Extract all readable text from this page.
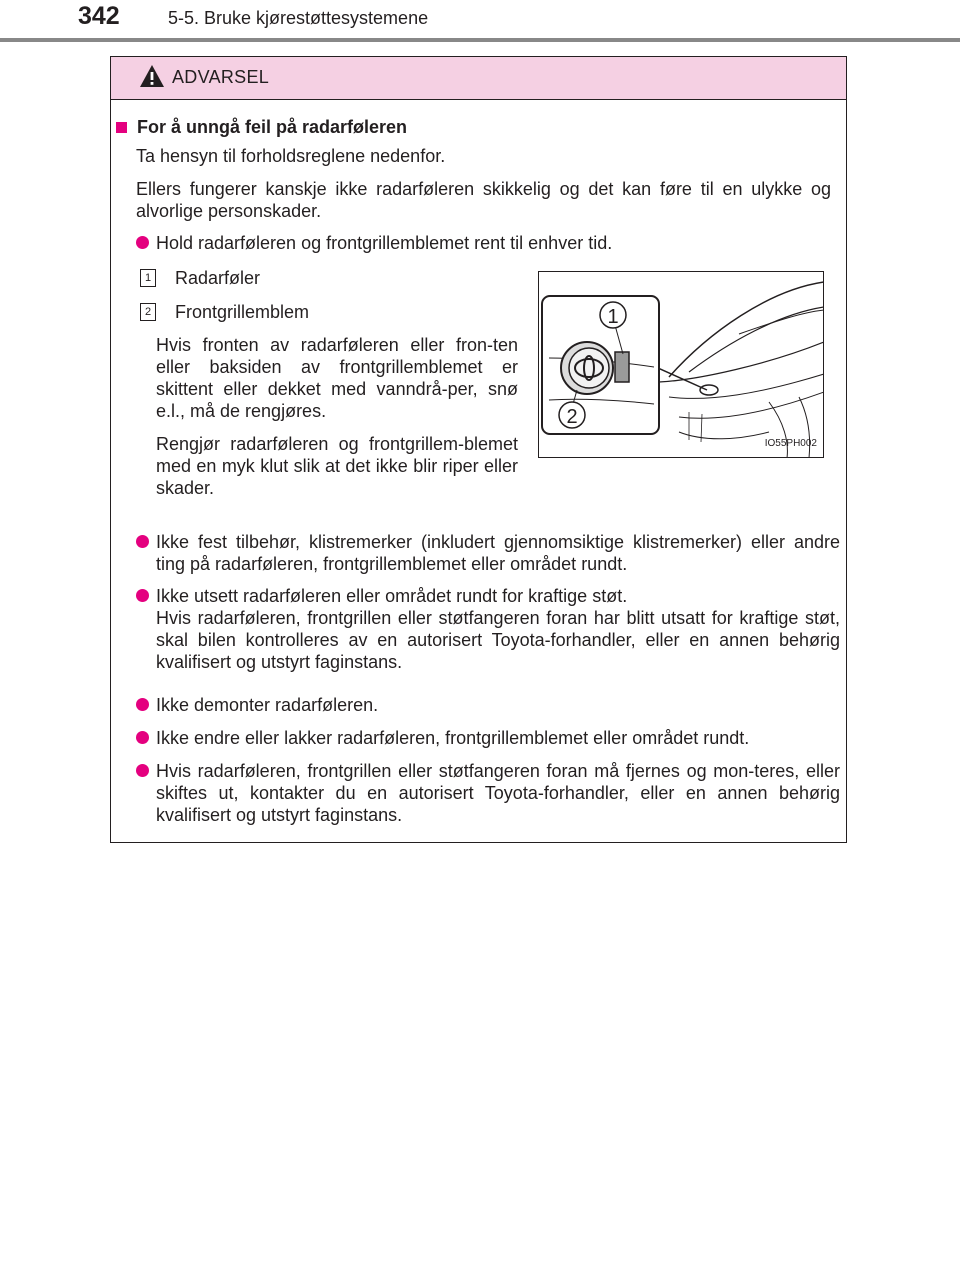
342	5-5. Bruke kjørestøttesystemene
ADVARSEL
For å unngå feil på radarføleren
Ta hensyn til forholdsreglene nedenfor.
Ellers fungerer kanskje ikke radarføleren skikkelig og det kan føre til en ulykke og alvorlige personskader.
Hold radarføleren og frontgrillemblemet rent til enhver tid.
1 Radarføler
2 Frontgrillemblem
Hvis fronten av radarføleren eller fron-ten eller baksiden av frontgrillemblemet er skittent eller dekket med vanndrå-per, snø e.l., må de rengjøres.
Rengjør radarføleren og frontgrillem-blemet med en myk klut slik at det ikke blir riper eller skader.
1
2
IO55PH002
Ikke fest tilbehør, klistremerker (inkludert gjennomsiktige klistremerker) eller andre ting på radarføleren, frontgrillemblemet eller området rundt.
Ikke utsett radarføleren eller området rundt for kraftige støt.
Hvis radarføleren, frontgrillen eller støtfangeren foran har blitt utsatt for kraftige støt, skal bilen kontrolleres av en autorisert Toyota-forhandler, eller en annen behørig kvalifisert og utstyrt faginstans.
Ikke demonter radarføleren.
Ikke endre eller lakker radarføleren, frontgrillemblemet eller området rundt.
Hvis radarføleren, frontgrillen eller støtfangeren foran må fjernes og mon-teres, eller skiftes ut, kontakter du en autorisert Toyota-forhandler, eller en annen behørig kvalifisert og utstyrt faginstans.
